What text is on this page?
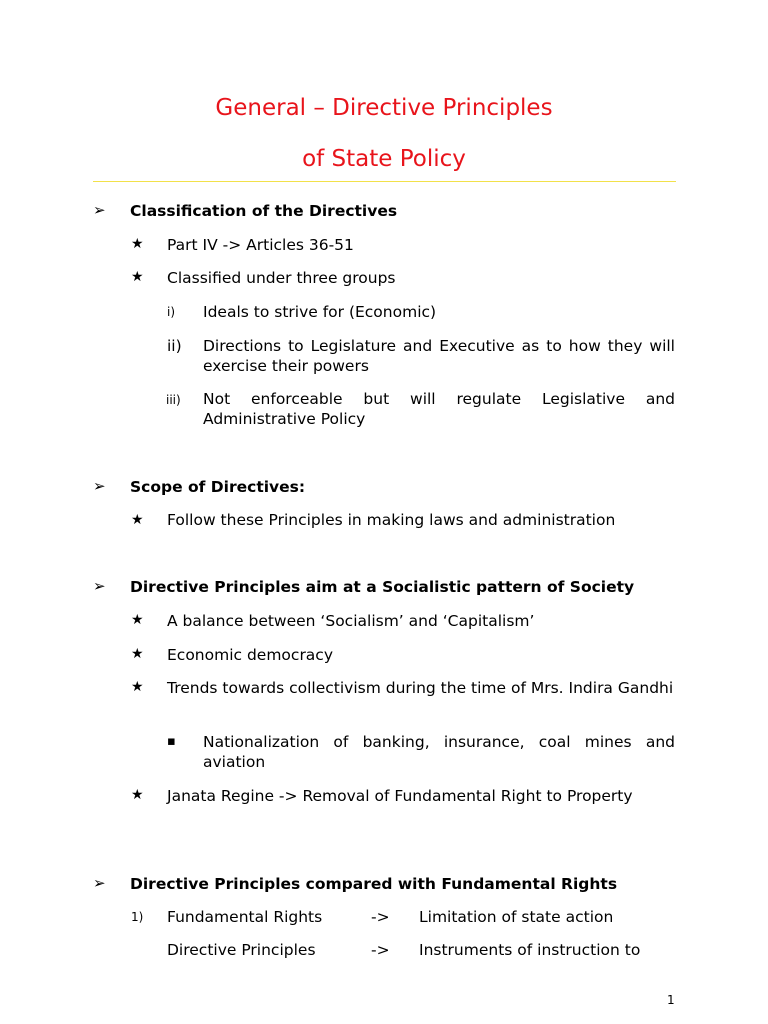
General – Directive Principles
of State Policy
➢ Classification of the Directives
★ Part IV -> Articles 36-51
★ Classified under three groups
i) Ideals to strive for (Economic)
ii) Directions to Legislature and Executive as to how they will exercise their powers
iii) Not enforceable but will regulate Legislative and Administrative Policy
➢ Scope of Directives:
★ Follow these Principles in making laws and administration
➢ Directive Principles aim at a Socialistic pattern of Society
★ A balance between ‘Socialism’ and ‘Capitalism’
★ Economic democracy
★ Trends towards collectivism during the time of Mrs. Indira Gandhi
▪ Nationalization of banking, insurance, coal mines and aviation
★ Janata Regine -> Removal of Fundamental Right to Property
➢ Directive Principles compared with Fundamental Rights
1) Fundamental Rights	-> Limitation of state action
Directive Principles	-> Instruments of instruction to
1
